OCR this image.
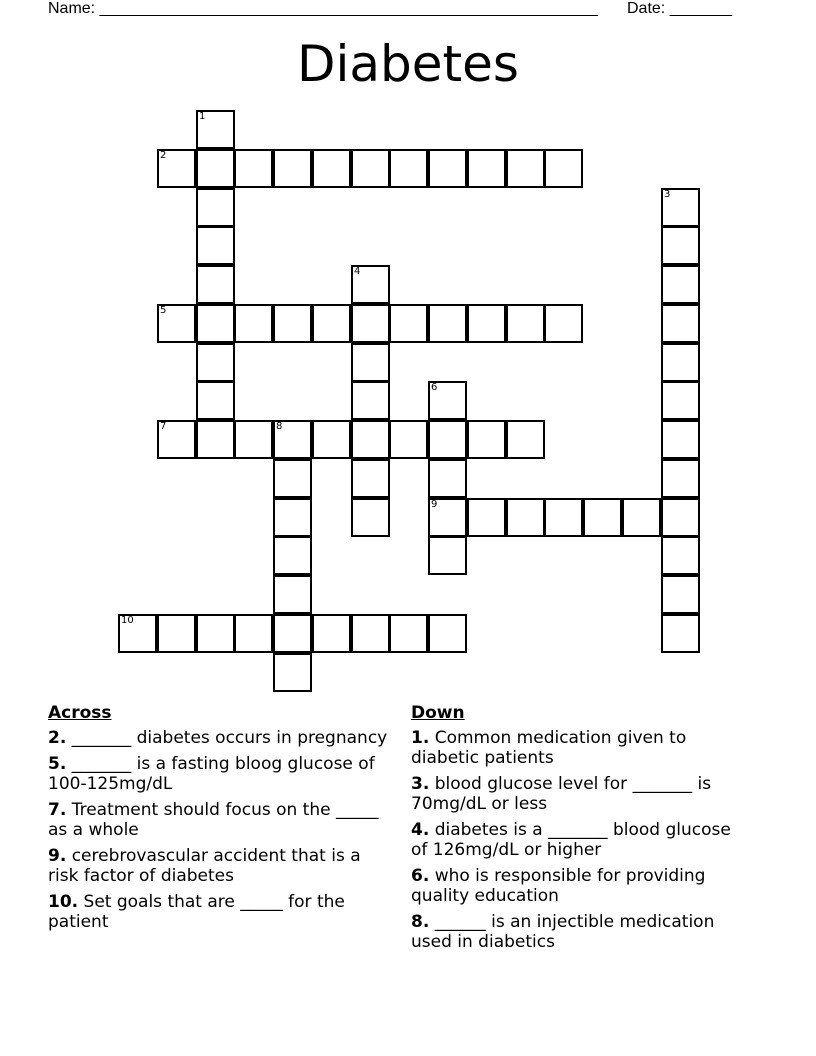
Name: ________________________________________________________ Date: _______
Diabetes
1
2
3
4
5
6
9
7	8
10
Across
2. _______ diabetes occurs in pregnancy
5. _______ is a fasting bloog glucose of 100-125mg/dL
7. Treatment should focus on the _____ as a whole
9. cerebrovascular accident that is a risk factor of diabetes
10. Set goals that are _____ for the patient
Down
1. Common medication given to diabetic patients
3. blood glucose level for _______ is 70mg/dL or less
4. diabetes is a _______ blood glucose of 126mg/dL or higher
6. who is responsible for providing quality education
8. ______ is an injectible medication used in diabetics
